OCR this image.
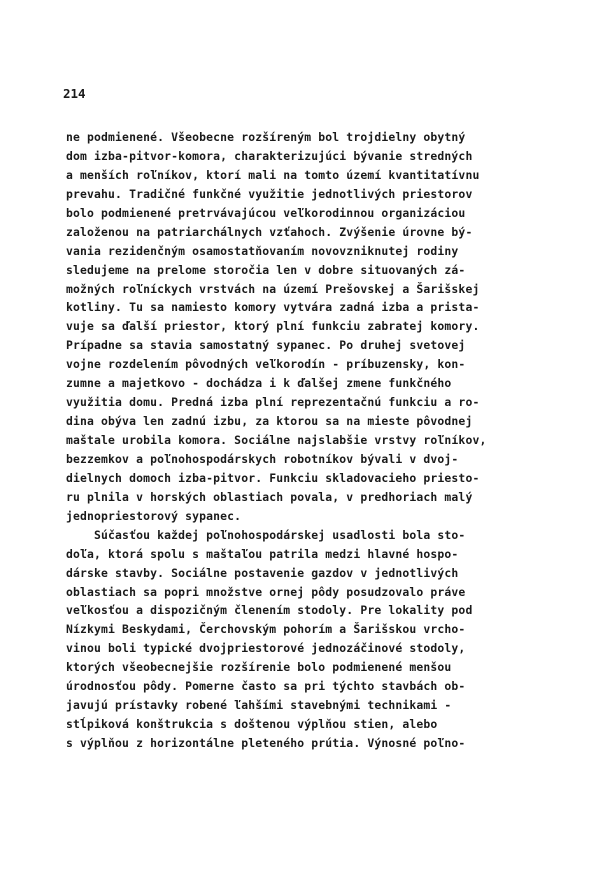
214
ne podmienené. Všeobecne rozšíreným bol trojdielny obytný
dom izba-pitvor-komora, charakterizujúci bývanie stredných
a menších roľníkov, ktorí mali na tomto území kvantitatívnu
prevahu. Tradičné funkčné využitie jednotlivých priestorov
bolo podmienené pretrvávajúcou veľkorodinnou organizáciou
založenou na patriarchálnych vzťahoch. Zvýšenie úrovne bý-
vania rezidenčným osamostatňovaním novovzniknutej rodiny
sledujeme na prelome storočia len v dobre situovaných zá-
možných roľníckych vrstvách na území Prešovskej a Šarišskej
kotliny. Tu sa namiesto komory vytvára zadná izba a prista-
vuje sa ďalší priestor, ktorý plní funkciu zabratej komory.
Prípadne sa stavia samostatný sypanec. Po druhej svetovej
vojne rozdelením pôvodných veľkorodín - príbuzensky, kon-
zumne a majetkovo - dochádza i k ďalšej zmene funkčného
využitia domu. Predná izba plní reprezentačnú funkciu a ro-
dina obýva len zadnú izbu, za ktorou sa na mieste pôvodnej
maštale urobila komora. Sociálne najslabšie vrstvy roľníkov,
bezzemkov a poľnohospodárskych robotníkov bývali v dvoj-
dielnych domoch izba-pitvor. Funkciu skladovacieho priesto-
ru plnila v horských oblastiach povala, v predhoriach malý
jednopriestorový sypanec.
Súčasťou každej poľnohospodárskej usadlosti bola sto-
doľa, ktorá spolu s maštaľou patrila medzi hlavné hospo-
dárske stavby. Sociálne postavenie gazdov v jednotlivých
oblastiach sa popri množstve ornej pôdy posudzovalo práve
veľkosťou a dispozičným členením stodoly. Pre lokality pod
Nízkymi Beskydami, Čerchovským pohorím a Šarišskou vrcho-
vinou boli typické dvojpriestorové jednozáčinové stodoly,
ktorých všeobecnejšie rozšírenie bolo podmienené menšou
úrodnosťou pôdy. Pomerne často sa pri týchto stavbách ob-
javujú prístavky robené ľahšími stavebnými technikami -
stĺpiková konštrukcia s doštenou výplňou stien, alebo
s výplňou z horizontálne pleteného prútia. Výnosné poľno-
